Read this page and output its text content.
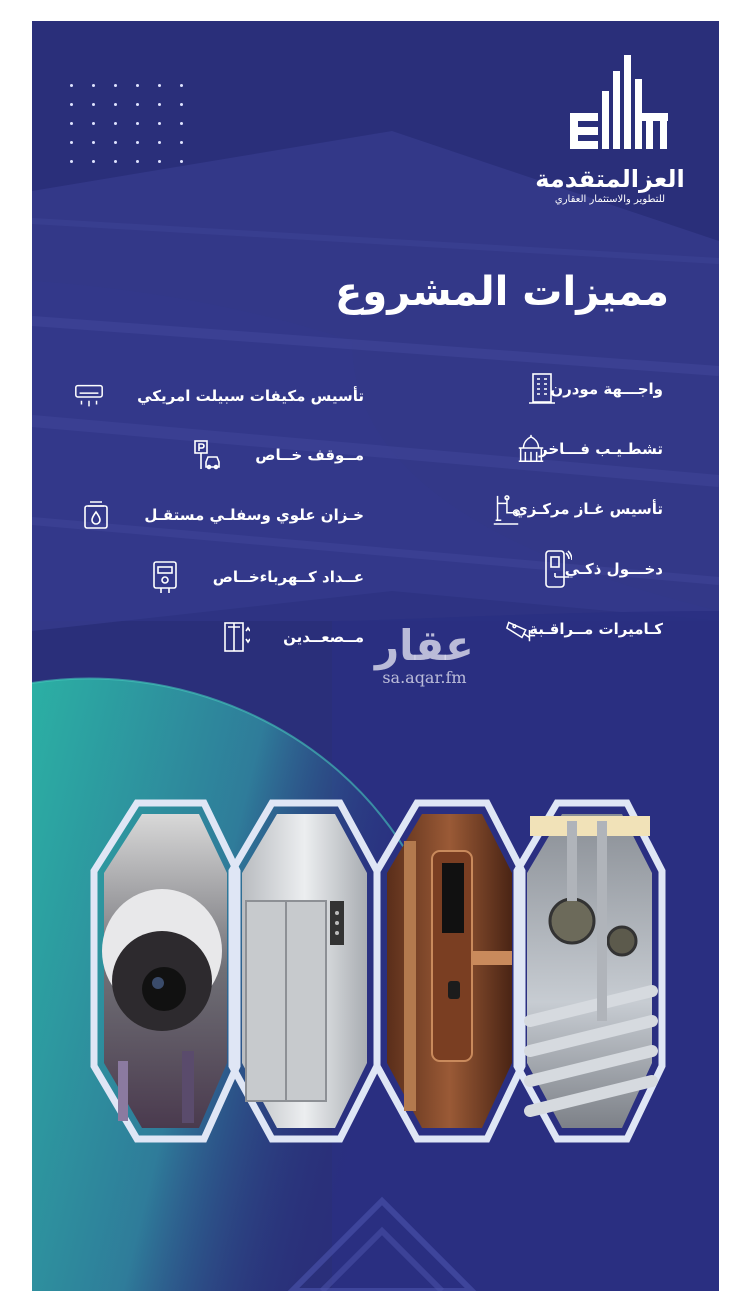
العزالمتقدمة
للتطوير والاستثمار العقاري
مميزات المشروع
واجـــهة مودرن
تشطـيـب فـــاخر
تأسيس غـاز مركـزي
دخـــول ذكـي
كـاميرات مــراقـبة
تأسيس مكيفات سبيلت امريكي
مــوقف خــاص
خـزان علوي وسفلـي مستقـل
عــداد كــهرباءخــاص
مــصعــدين عقار
sa.aqar.fm
